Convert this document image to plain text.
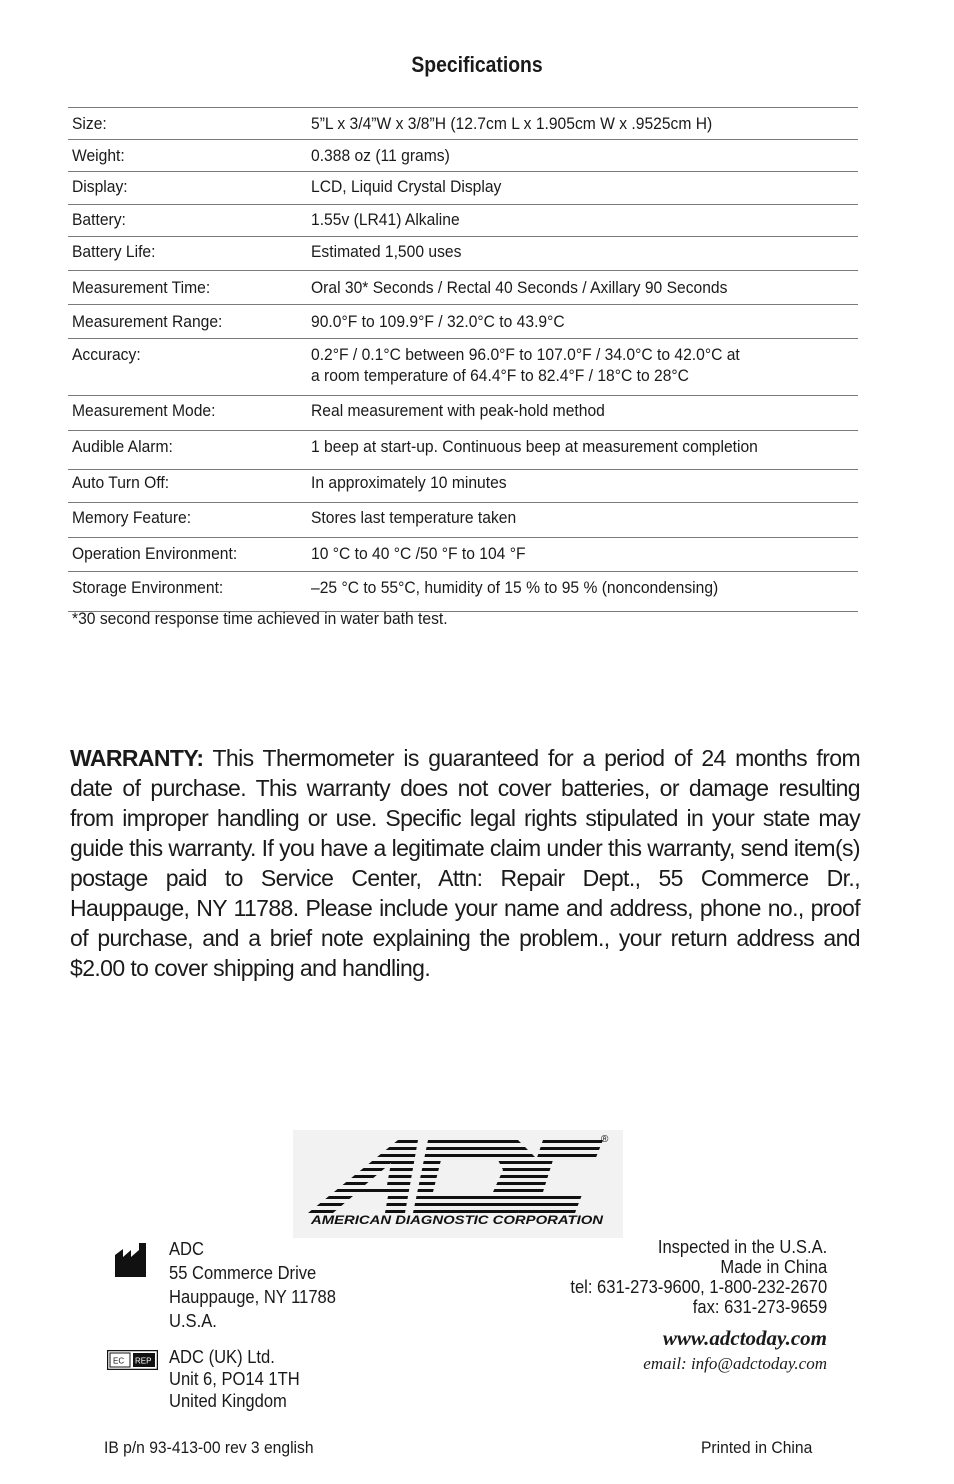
Specifications
Size:	5”L x 3/4”W x 3/8”H (12.7cm L x 1.905cm W x .9525cm H)
Weight:	0.388 oz (11 grams)
Display:	LCD, Liquid Crystal Display
Battery:	1.55v (LR41) Alkaline
Battery Life:	Estimated 1,500 uses
Measurement Time:	Oral 30* Seconds / Rectal 40 Seconds / Axillary 90 Seconds
Measurement Range:	90.0°F to 109.9°F / 32.0°C to 43.9°C
Accuracy:	0.2°F / 0.1°C between 96.0°F to 107.0°F / 34.0°C to 42.0°C at
a room temperature of 64.4°F to 82.4°F / 18°C to 28°C
Measurement Mode:	Real measurement with peak-hold method
Audible Alarm:	1 beep at start-up. Continuous beep at measurement completion
Auto Turn Off:	In approximately 10 minutes
Memory Feature:	Stores last temperature taken
Operation Environment:	10 °C to 40 °C /50 °F to 104 °F
Storage Environment:	–25 °C to 55°C, humidity of 15 % to 95 % (noncondensing)
*30 second response time achieved in water bath test.
WARRANTY: This Thermometer is guaranteed for a period of 24 months from date of purchase. This warranty does not cover batteries, or damage resulting from improper handling or use. Specific legal rights stipulated in your state may guide this warranty. If you have a legitimate claim under this warranty, send item(s) postage paid to Service Center, Attn: Repair Dept., 55 Commerce Dr., Hauppauge, NY 11788. Please include your name and address, phone no., proof of purchase, and a brief note explaining the problem., your return address and $2.00 to cover shipping and handling.
®
AMERICAN DIAGNOSTIC CORPORATION
EC REP
ADC
55 Commerce Drive
Hauppauge, NY 11788
U.S.A.
ADC (UK) Ltd.
Unit 6, PO14 1TH
United Kingdom
Inspected in the U.S.A.
Made in China
tel: 631-273-9600, 1-800-232-2670
fax: 631-273-9659
www.adctoday.com
email: info@adctoday.com
IB p/n 93-413-00 rev 3 english	Printed in China
